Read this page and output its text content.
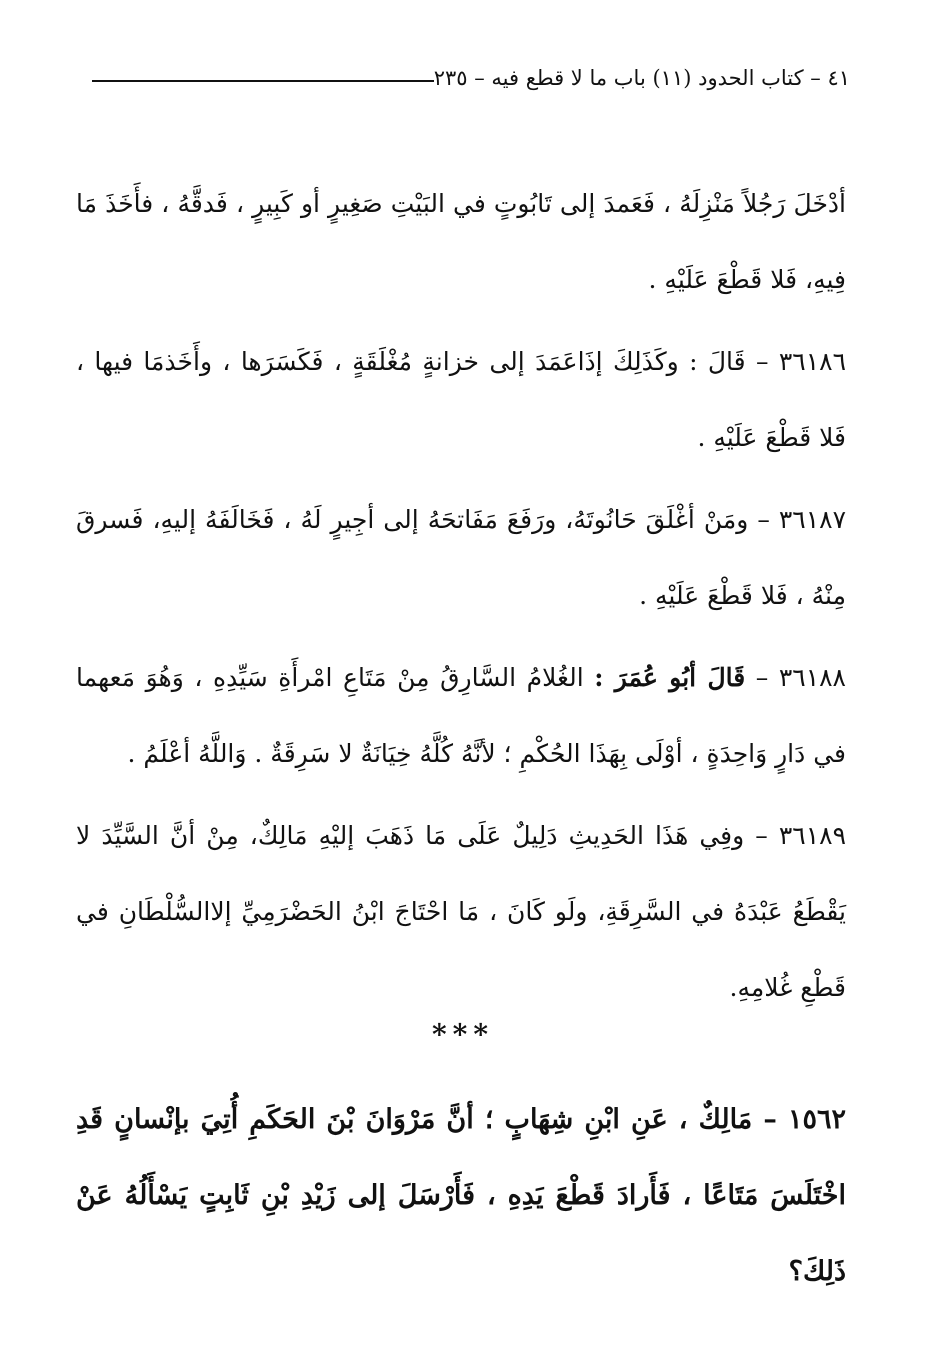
٤١ – كتاب الحدود (١١) باب ما لا قطع فيه – ٢٣٥

أدْخَلَ رَجُلاً مَنْزِلَهُ ، فَعَمدَ إلى تَابُوتٍ في البَيْتِ صَغِيرٍ أو كَبِيرٍ ، فَدقَّهُ ، فأَخَذَ مَا فِيهِ، فَلا قَطْعَ عَلَيْهِ .

٣٦١٨٦ – قَالَ : وكَذَلِكَ إذَاعَمَدَ إلى خزانةٍ مُغْلَقَةٍ ، فَكَسَرَها ، وأَخَذمَا فيها ، فَلا قَطْعَ عَلَيْهِ .

٣٦١٨٧ – ومَنْ أغْلَقَ حَانُوتَهُ، ورَفَعَ مَفَاتحَهُ إلى أجِيرٍ لَهُ ، فَخَالَفَهُ إليهِ، فَسرقَ مِنْهُ ، فَلا قَطْعَ عَلَيْهِ .

٣٦١٨٨ – قَالَ أبُو عُمَرَ : الغُلامُ السَّارِقُ مِنْ مَتَاعِ امْرأَةِ سَيِّدِهِ ، وَهُوَ مَعهما في دَارٍ وَاحِدَةٍ ، أوْلَى بِهَذَا الحُكْمِ ؛ لأنَّهُ كُلَّهُ خِيَانَةٌ لا سَرِقَةٌ . وَاللَّهُ أعْلَمُ .

٣٦١٨٩ – وفِي هَذَا الحَدِيثِ دَلِيلٌ عَلَى مَا ذَهَبَ إليْهِ مَالِكٌ، مِنْ أنَّ السَّيِّدَ لا يَقْطَعُ عَبْدَهُ في السَّرِقَةِ، ولَو كَانَ ، مَا احْتَاجَ ابْنُ الحَضْرَمِيِّ إلاالسُّلْطَانِ في قَطْعِ غُلامِهِ.

***
١٥٦٢ – مَالِكٌ ، عَنِ ابْنِ شِهَابٍ ؛ أنَّ مَرْوَانَ بْنَ الحَكَمِ أُتِيَ بإنْسانٍ قَدِ اخْتَلَسَ مَتَاعًا ، فَأَرادَ قَطْعَ يَدِهِ ، فَأَرْسَلَ إلى زَيْدِ بْنِ ثَابِتٍ يَسْأَلُهُ عَنْ ذَلِكَ؟
